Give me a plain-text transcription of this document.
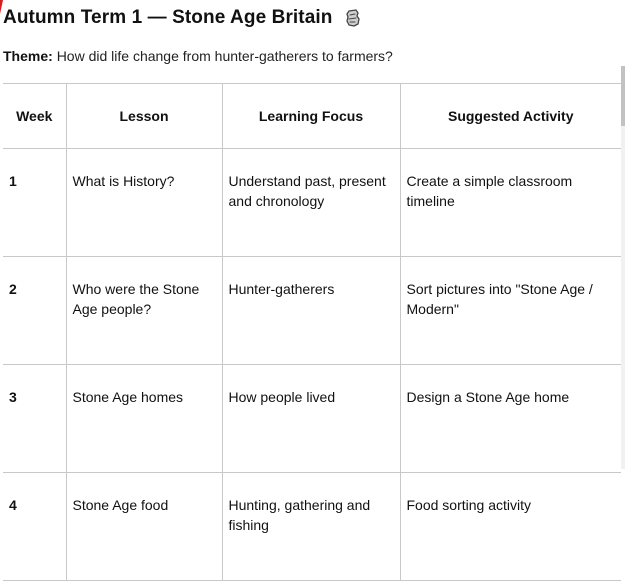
Autumn Term 1 — Stone Age Britain
Theme: How did life change from hunter-gatherers to farmers?
Week	Lesson	Learning Focus	Suggested Activity
1	What is History?	Understand past, present and chronology	Create a simple classroom timeline
2	Who were the Stone Age people?	Hunter-gatherers	Sort pictures into "Stone Age / Modern"
3	Stone Age homes	How people lived	Design a Stone Age home
4	Stone Age food	Hunting, gathering and fishing	Food sorting activity
